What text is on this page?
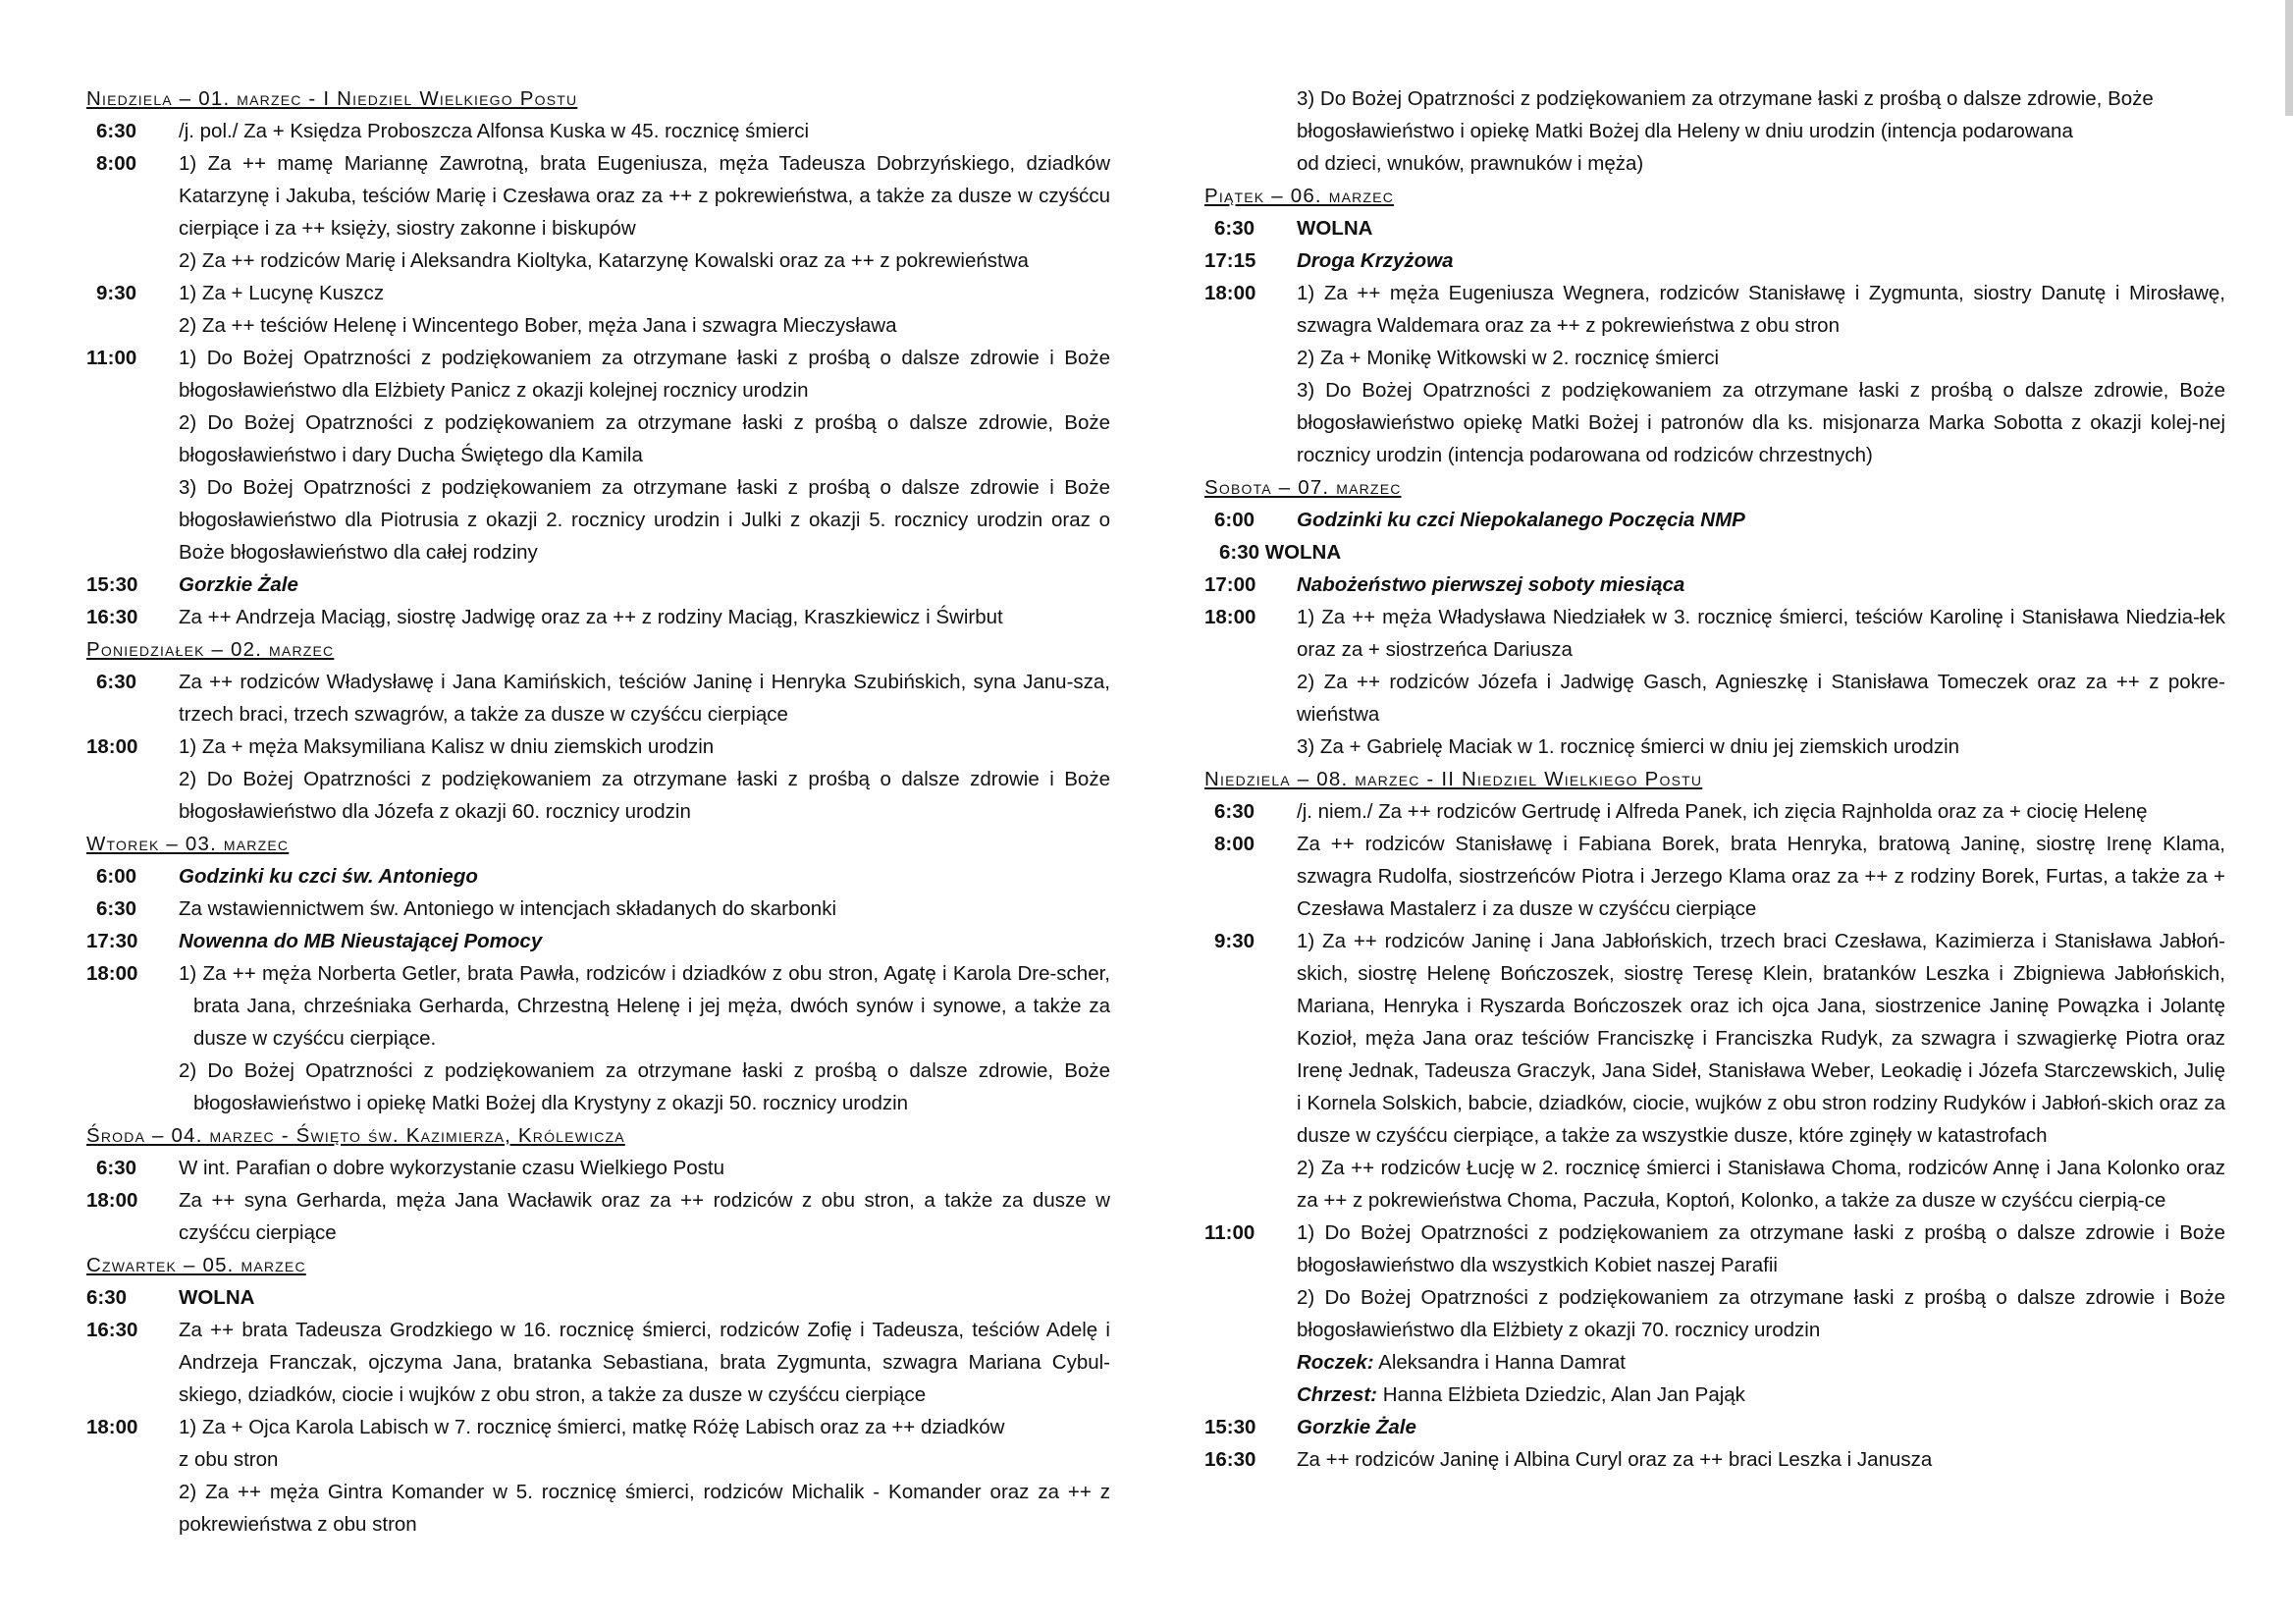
Niedziela – 01. marzec - I Niedziel Wielkiego Postu
6:30	/j. pol./ Za + Księdza Proboszcza Alfonsa Kuska w 45. rocznicę śmierci
8:00	1) Za ++ mamę Mariannę Zawrotną, brata Eugeniusza, męża Tadeusza Dobrzyńskiego, dziadków Katarzynę i Jakuba, teściów Marię i Czesława oraz za ++ z pokrewieństwa, a także za dusze w czyśćcu cierpiące i za ++ księży, siostry zakonne i biskupów
2) Za ++ rodziców Marię i Aleksandra Kioltyka, Katarzynę Kowalski oraz za ++ z pokrewieństwa
9:30	1) Za + Lucynę Kuszcz
2) Za ++ teściów Helenę i Wincentego Bober, męża Jana i szwagra Mieczysława
11:00	1) Do Bożej Opatrzności z podziękowaniem za otrzymane łaski z prośbą o dalsze zdrowie i Boże błogosławieństwo dla Elżbiety Panicz z okazji kolejnej rocznicy urodzin
2) Do Bożej Opatrzności z podziękowaniem za otrzymane łaski z prośbą o dalsze zdrowie, Boże błogosławieństwo i dary Ducha Świętego dla Kamila
3) Do Bożej Opatrzności z podziękowaniem za otrzymane łaski z prośbą o dalsze zdrowie i Boże błogosławieństwo dla Piotrusia z okazji 2. rocznicy urodzin i Julki z okazji 5. rocznicy urodzin oraz o Boże błogosławieństwo dla całej rodziny
15:30	Gorzkie Żale
16:30	Za ++ Andrzeja Maciąg, siostrę Jadwigę oraz za ++ z rodziny Maciąg, Kraszkiewicz i Świrbut
Poniedziałek – 02. marzec
6:30	Za ++ rodziców Władysławę i Jana Kamińskich, teściów Janinę i Henryka Szubińskich, syna Janu-sza, trzech braci, trzech szwagrów, a także za dusze w czyśćcu cierpiące
18:00	1) Za + męża Maksymiliana Kalisz w dniu ziemskich urodzin
2) Do Bożej Opatrzności z podziękowaniem za otrzymane łaski z prośbą o dalsze zdrowie i Boże błogosławieństwo dla Józefa z okazji 60. rocznicy urodzin
Wtorek – 03. marzec
6:00	Godzinki ku czci św. Antoniego
6:30	Za wstawiennictwem św. Antoniego w intencjach składanych do skarbonki
17:30	Nowenna do MB Nieustającej Pomocy
18:00	1) Za ++ męża Norberta Getler, brata Pawła, rodziców i dziadków z obu stron, Agatę i Karola Dre-scher, brata Jana, chrześniaka Gerharda, Chrzestną Helenę i jej męża, dwóch synów i synowe, a także za dusze w czyśćcu cierpiące.
2) Do Bożej Opatrzności z podziękowaniem za otrzymane łaski z prośbą o dalsze zdrowie, Boże błogosławieństwo i opiekę Matki Bożej dla Krystyny z okazji 50. rocznicy urodzin
Środa – 04. marzec - Święto św. Kazimierza, Królewicza
6:30	W int. Parafian o dobre wykorzystanie czasu Wielkiego Postu
18:00	Za ++ syna Gerharda, męża Jana Wacławik oraz za ++ rodziców z obu stron, a także za dusze w czyśćcu cierpiące
Czwartek – 05. marzec
6:30	WOLNA
16:30	Za ++ brata Tadeusza Grodzkiego w 16. rocznicę śmierci, rodziców Zofię i Tadeusza, teściów Adelę i Andrzeja Franczak, ojczyma Jana, bratanka Sebastiana, brata Zygmunta, szwagra Mariana Cybul-skiego, dziadków, ciocie i wujków z obu stron, a także za dusze w czyśćcu cierpiące
18:00	1) Za + Ojca Karola Labisch w 7. rocznicę śmierci, matkę Różę Labisch oraz za ++ dziadków
z obu stron
2) Za ++ męża Gintra Komander w 5. rocznicę śmierci, rodziców Michalik - Komander oraz za ++ z pokrewieństwa z obu stron
3) Do Bożej Opatrzności z podziękowaniem za otrzymane łaski z prośbą o dalsze zdrowie, Boże
błogosławieństwo i opiekę Matki Bożej dla Heleny w dniu urodzin (intencja podarowana
od dzieci, wnuków, prawnuków i męża)
Piątek – 06. marzec
6:30	WOLNA
17:15	Droga Krzyżowa
18:00	1) Za ++ męża Eugeniusza Wegnera, rodziców Stanisławę i Zygmunta, siostry Danutę i Mirosławę, szwagra Waldemara oraz za ++ z pokrewieństwa z obu stron
2) Za + Monikę Witkowski w 2. rocznicę śmierci
3) Do Bożej Opatrzności z podziękowaniem za otrzymane łaski z prośbą o dalsze zdrowie, Boże błogosławieństwo opiekę Matki Bożej i patronów dla ks. misjonarza Marka Sobotta z okazji kolej-nej rocznicy urodzin (intencja podarowana od rodziców chrzestnych)
Sobota – 07. marzec
6:00	Godzinki ku czci Niepokalanego Poczęcia NMP
6:30 WOLNA
17:00	Nabożeństwo pierwszej soboty miesiąca
18:00	1) Za ++ męża Władysława Niedziałek w 3. rocznicę śmierci, teściów Karolinę i Stanisława Niedzia-łek oraz za + siostrzeńca Dariusza
2) Za ++ rodziców Józefa i Jadwigę Gasch, Agnieszkę i Stanisława Tomeczek oraz za ++ z pokre-wieństwa
3) Za + Gabrielę Maciak w 1. rocznicę śmierci w dniu jej ziemskich urodzin
Niedziela – 08. marzec - II Niedziel Wielkiego Postu
6:30	/j. niem./ Za ++ rodziców Gertrudę i Alfreda Panek, ich zięcia Rajnholda oraz za + ciocię Helenę
8:00	Za ++ rodziców Stanisławę i Fabiana Borek, brata Henryka, bratową Janinę, siostrę Irenę Klama, szwagra Rudolfa, siostrzeńców Piotra i Jerzego Klama oraz za ++ z rodziny Borek, Furtas, a także za + Czesława Mastalerz i za dusze w czyśćcu cierpiące
9:30	1) Za ++ rodziców Janinę i Jana Jabłońskich, trzech braci Czesława, Kazimierza i Stanisława Jabłoń-skich, siostrę Helenę Bończoszek, siostrę Teresę Klein, bratanków Leszka i Zbigniewa Jabłońskich, Mariana, Henryka i Ryszarda Bończoszek oraz ich ojca Jana, siostrzenice Janinę Powązka i Jolantę Kozioł, męża Jana oraz teściów Franciszkę i Franciszka Rudyk, za szwagra i szwagierkę Piotra oraz Irenę Jednak, Tadeusza Graczyk, Jana Sideł, Stanisława Weber, Leokadię i Józefa Starczewskich, Julię i Kornela Solskich, babcie, dziadków, ciocie, wujków z obu stron rodziny Rudyków i Jabłoń-skich oraz za dusze w czyśćcu cierpiące, a także za wszystkie dusze, które zginęły w katastrofach
2) Za ++ rodziców Łucję w 2. rocznicę śmierci i Stanisława Choma, rodziców Annę i Jana Kolonko oraz za ++ z pokrewieństwa Choma, Paczuła, Koptoń, Kolonko, a także za dusze w czyśćcu cierpią-ce
11:00	1) Do Bożej Opatrzności z podziękowaniem za otrzymane łaski z prośbą o dalsze zdrowie i Boże błogosławieństwo dla wszystkich Kobiet naszej Parafii
2) Do Bożej Opatrzności z podziękowaniem za otrzymane łaski z prośbą o dalsze zdrowie i Boże błogosławieństwo dla Elżbiety z okazji 70. rocznicy urodzin
Roczek: Aleksandra i Hanna Damrat
Chrzest: Hanna Elżbieta Dziedzic, Alan Jan Pająk
15:30	Gorzkie Żale
16:30	Za ++ rodziców Janinę i Albina Curyl oraz za ++ braci Leszka i Janusza
